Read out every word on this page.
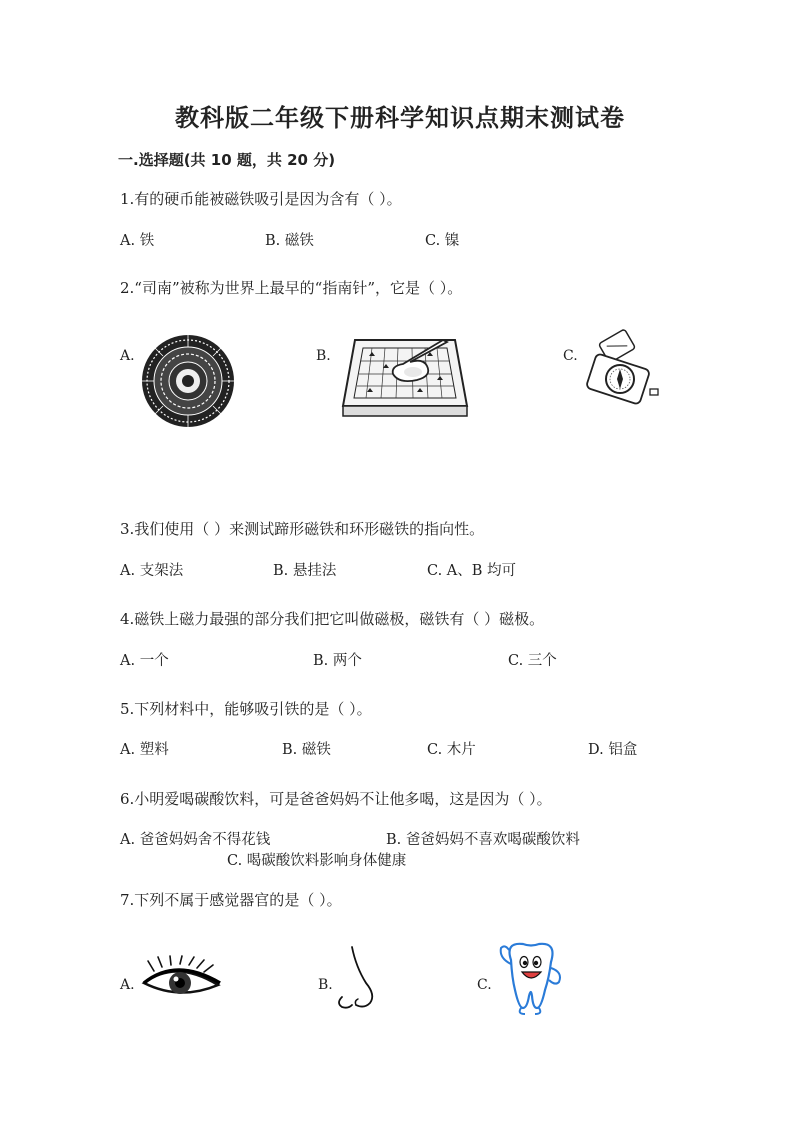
教科版二年级下册科学知识点期末测试卷
一.选择题(共 10 题，共 20 分)
1.有的硬币能被磁铁吸引是因为含有（ ）。
A. 铁	B. 磁铁	C. 镍
2.“司南”被称为世界上最早的“指南针”，它是（ ）。
A.	B.	C.
3.我们使用（ ）来测试蹄形磁铁和环形磁铁的指向性。
A. 支架法	B. 悬挂法	C. A、B 均可
4.磁铁上磁力最强的部分我们把它叫做磁极，磁铁有（ ）磁极。
A. 一个	B. 两个	C. 三个
5.下列材料中，能够吸引铁的是（ ）。
A. 塑料	B. 磁铁	C. 木片	D. 铝盒
6.小明爱喝碳酸饮料，可是爸爸妈妈不让他多喝，这是因为（ ）。
A. 爸爸妈妈舍不得花钱	B. 爸爸妈妈不喜欢喝碳酸饮料
C. 喝碳酸饮料影响身体健康
7.下列不属于感觉器官的是（ ）。
A.	B.	C.
